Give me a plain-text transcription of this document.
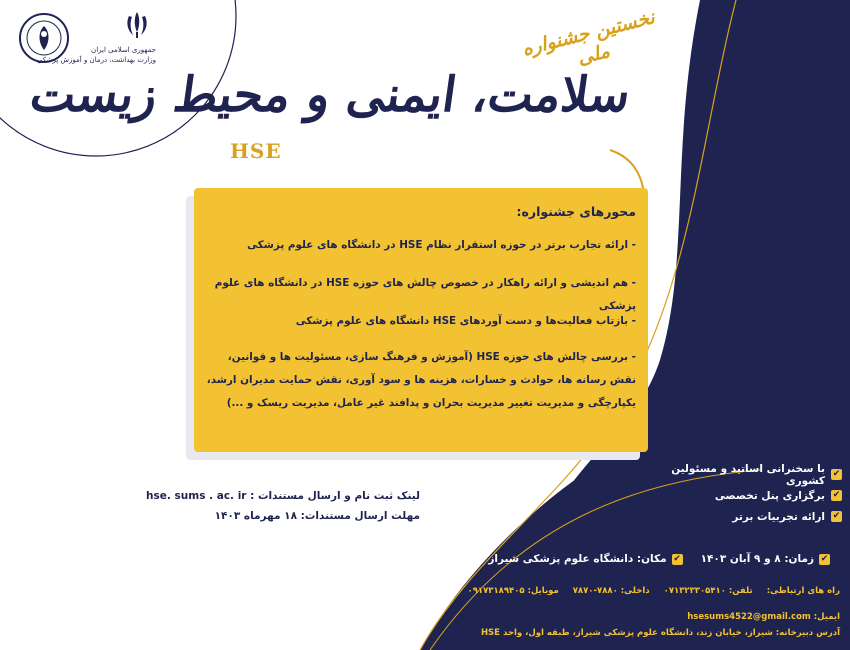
جمهوری اسلامی ایران
وزارت بهداشت، درمان و آموزش پزشکی	نخستین جشنواره ملی
سلامت، ایمنی و محیط زیست
HSE
محورهای جشنواره:
- ارائه تجارب برتر در حوزه استقرار نظام HSE در دانشگاه های علوم پزشکی
- هم اندیشی و ارائه راهکار در خصوص چالش های حوزه HSE در دانشگاه های علوم پزشکی
- بازتاب فعالیت‌ها و دست آوردهای HSE دانشگاه های علوم پزشکی
- بررسی چالش های حوزه HSE (آموزش و فرهنگ سازی، مسئولیت ها و قوانین، نقش رسانه ها، حوادث و خسارات، هزینه ها و سود آوری، نقش حمایت مدیران ارشد، یکپارچگی و مدیریت تغییر مدیریت بحران و پدافند غیر عامل، مدیریت ریسک و ...)
لینک ثبت نام و ارسال مستندات : hse. sums . ac. ir
مهلت ارسال مستندات: ۱۸ مهرماه ۱۴۰۳
✔
با سخنرانی اساتید و مسئولین کشوری
✔
برگزاری پنل تخصصی
✔
ارائه تجربیات برتر
✔
زمان: ۸ و ۹ آبان ۱۴۰۳
✔
مکان: دانشگاه علوم پزشکی شیراز
راه های ارتباطی:
تلفن: ۰۷۱۳۲۳۳۰۵۴۱۰
داخلی: ۷۸۸۰-۷۸۷۰
موبایل: ۰۹۱۷۳۱۸۹۴۰۵
ایمیل: hsesums4522@gmail.com
آدرس دبیرخانه: شیراز، خیابان زند، دانشگاه علوم پزشکی شیراز، طبقه اول، واحد HSE
